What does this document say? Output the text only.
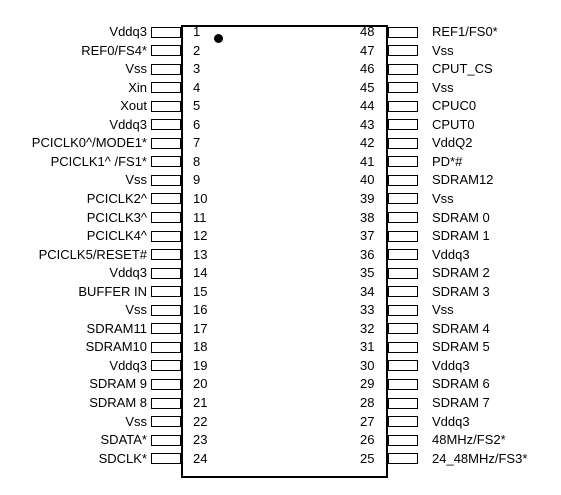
Vddq3	1
REF0/FS4*	2
Vss	3
Xin	4
Xout	5
Vddq3	6
PCICLK0^/MODE1*	7
PCICLK1^ /FS1*	8
Vss	9
PCICLK2^	10
PCICLK3^	11
PCICLK4^	12
PCICLK5/RESET#	13
Vddq3	14
BUFFER IN	15
Vss	16
SDRAM11	17
SDRAM10	18
Vddq3	19
SDRAM 9	20
SDRAM 8	21
Vss	22
SDATA*	23
SDCLK*	24
48	REF1/FS0*
47	Vss
46	CPUT_CS
45	Vss
44	CPUC0
43	CPUT0
42	VddQ2
41	PD*#
40	SDRAM12
39	Vss
38	SDRAM 0
37	SDRAM 1
36	Vddq3
35	SDRAM 2
34	SDRAM 3
33	Vss
32	SDRAM 4
31	SDRAM 5
30	Vddq3
29	SDRAM 6
28	SDRAM 7
27	Vddq3
26	48MHz/FS2*
25	24_48MHz/FS3*
